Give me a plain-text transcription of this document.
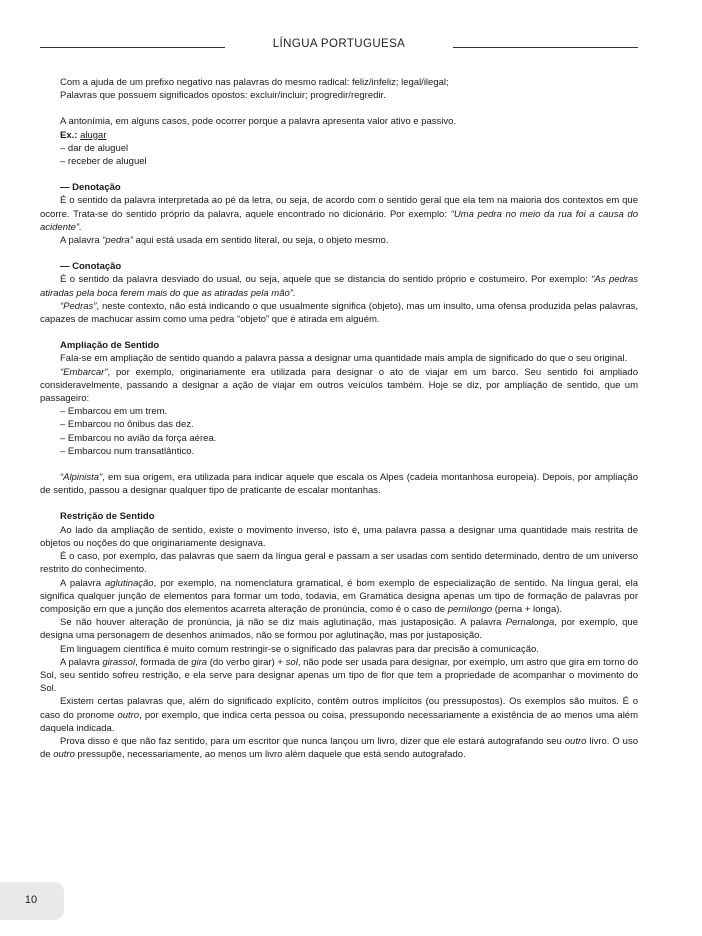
LÍNGUA PORTUGUESA

Com a ajuda de um prefixo negativo nas palavras do mesmo radical: feliz/infeliz; legal/ilegal;

Palavras que possuem significados opostos: excluir/incluir; progredir/regredir.

A antonímia, em alguns casos, pode ocorrer porque a palavra apresenta valor ativo e passivo.

Ex.: alugar

– dar de aluguel

– receber de aluguel

— Denotação

É o sentido da palavra interpretada ao pé da letra, ou seja, de acordo com o sentido geral que ela tem na maioria dos contextos em que ocorre. Trata-se do sentido próprio da palavra, aquele encontrado no dicionário. Por exemplo: “Uma pedra no meio da rua foi a causa do acidente”.

A palavra “pedra” aqui está usada em sentido literal, ou seja, o objeto mesmo.

— Conotação

É o sentido da palavra desviado do usual, ou seja, aquele que se distancia do sentido próprio e costumeiro. Por exemplo: “As pedras atiradas pela boca ferem mais do que as atiradas pela mão”.

“Pedras”, neste contexto, não está indicando o que usualmente significa (objeto), mas um insulto, uma ofensa produzida pelas palavras, capazes de machucar assim como uma pedra “objeto” que é atirada em alguém.

Ampliação de Sentido

Fala-se em ampliação de sentido quando a palavra passa a designar uma quantidade mais ampla de significado do que o seu original.

“Embarcar”, por exemplo, originariamente era utilizada para designar o ato de viajar em um barco. Seu sentido foi ampliado consideravelmente, passando a designar a ação de viajar em outros veículos também. Hoje se diz, por ampliação de sentido, que um passageiro:

– Embarcou em um trem.

– Embarcou no ônibus das dez.

– Embarcou no avião da força aérea.

– Embarcou num transatlântico.

“Alpinista”, em sua origem, era utilizada para indicar aquele que escala os Alpes (cadeia montanhosa europeia). Depois, por ampliação de sentido, passou a designar qualquer tipo de praticante de escalar montanhas.

Restrição de Sentido

Ao lado da ampliação de sentido, existe o movimento inverso, isto é, uma palavra passa a designar uma quantidade mais restrita de objetos ou noções do que originariamente designava.

É o caso, por exemplo, das palavras que saem da língua geral e passam a ser usadas com sentido determinado, dentro de um universo restrito do conhecimento.

A palavra aglutinação, por exemplo, na nomenclatura gramatical, é bom exemplo de especialização de sentido. Na língua geral, ela significa qualquer junção de elementos para formar um todo, todavia, em Gramática designa apenas um tipo de formação de palavras por composição em que a junção dos elementos acarreta alteração de pronúncia, como é o caso de pernilongo (perna + longa).

Se não houver alteração de pronúncia, já não se diz mais aglutinação, mas justaposição. A palavra Pernalonga, por exemplo, que designa uma personagem de desenhos animados, não se formou por aglutinação, mas por justaposição.

Em linguagem científica é muito comum restringir-se o significado das palavras para dar precisão à comunicação.

A palavra girassol, formada de gira (do verbo girar) + sol, não pode ser usada para designar, por exemplo, um astro que gira em torno do Sol, seu sentido sofreu restrição, e ela serve para designar apenas um tipo de flor que tem a propriedade de acompanhar o movimento do Sol.

Existem certas palavras que, além do significado explícito, contêm outros implícitos (ou pressupostos). Os exemplos são muitos. É o caso do pronome outro, por exemplo, que indica certa pessoa ou coisa, pressupondo necessariamente a existência de ao menos uma além daquela indicada.

Prova disso é que não faz sentido, para um escritor que nunca lançou um livro, dizer que ele estará autografando seu outro livro. O uso de outro pressupõe, necessariamente, ao menos um livro além daquele que está sendo autografado.

10
